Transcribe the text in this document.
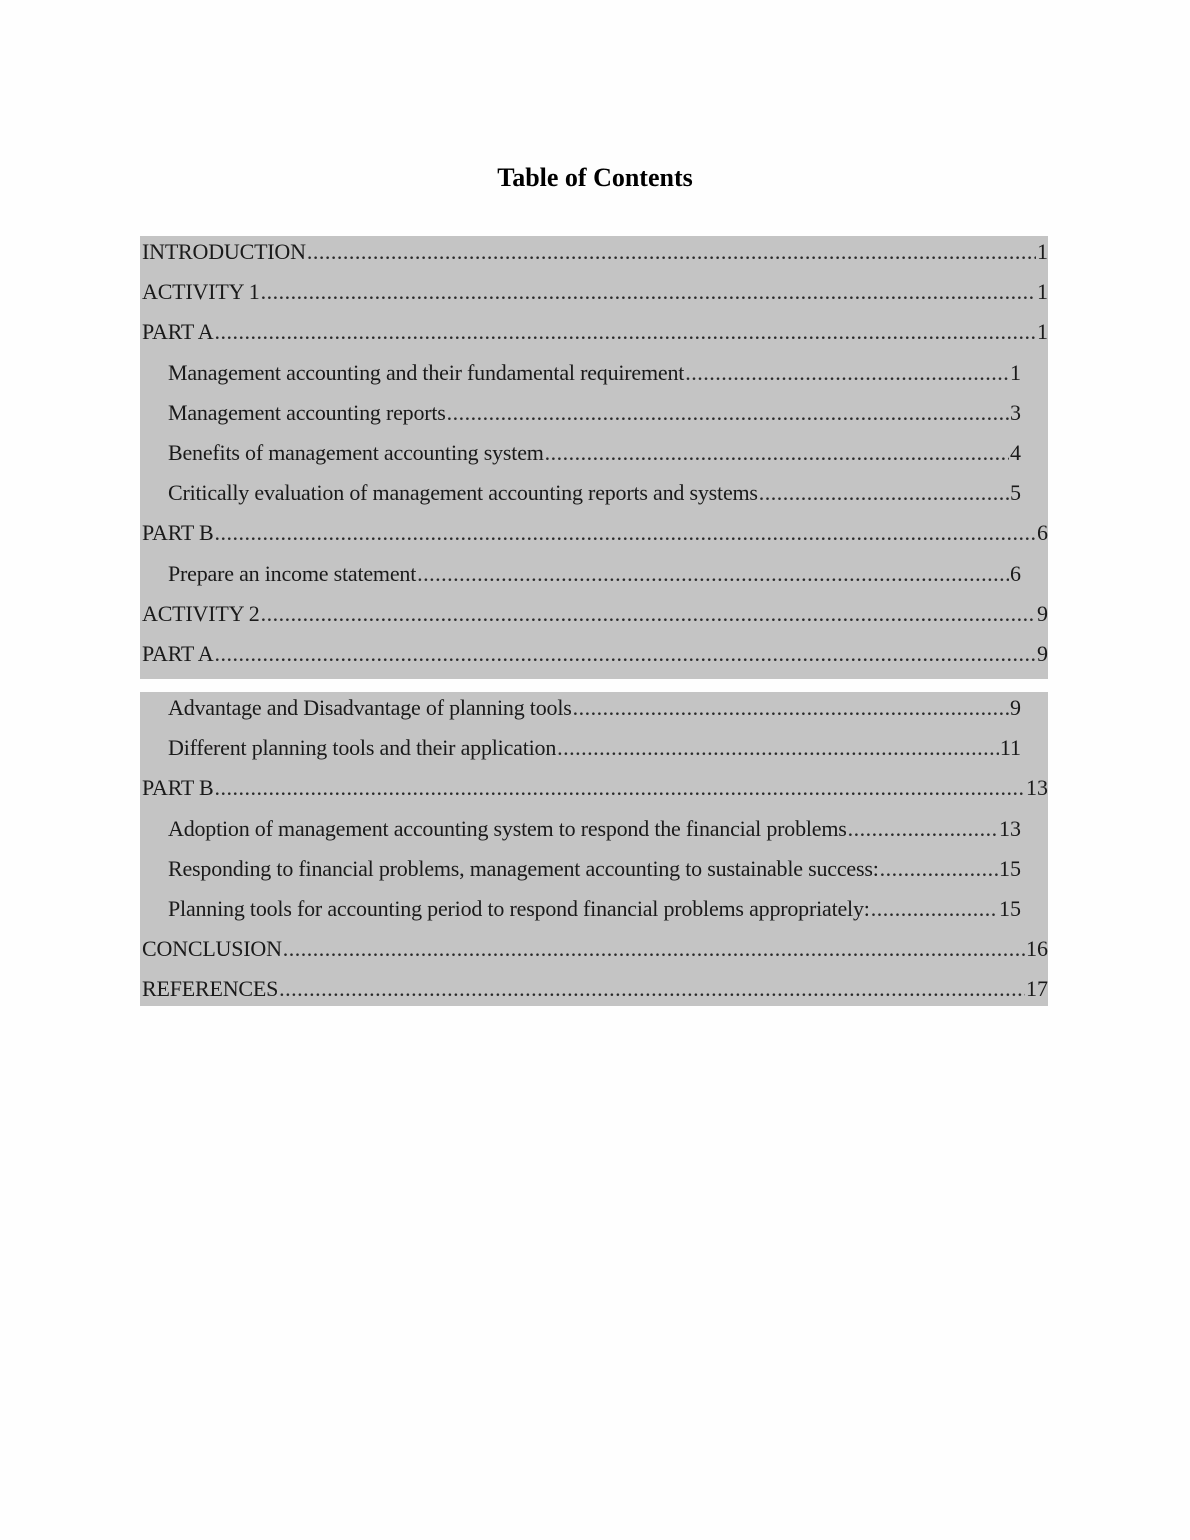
Table of Contents
INTRODUCTION .....	1
ACTIVITY 1 .....	1
PART A .....	1
Management accounting and their fundamental requirement .....	1
Management accounting reports .....	3
Benefits of management accounting system .....	4
Critically evaluation of management accounting reports and systems .....	5
PART B .....	6
Prepare an income statement .....	6
ACTIVITY 2 .....	9
PART A .....	9
Advantage and Disadvantage of planning tools .....	9
Different planning tools and their application .....	11
PART B .....	13
Adoption of management accounting system to respond the financial problems .....	13
Responding to financial problems, management accounting to sustainable success: .....	15
Planning tools for accounting period to respond financial problems appropriately: .....	15
CONCLUSION .....	16
REFERENCES .....	17
